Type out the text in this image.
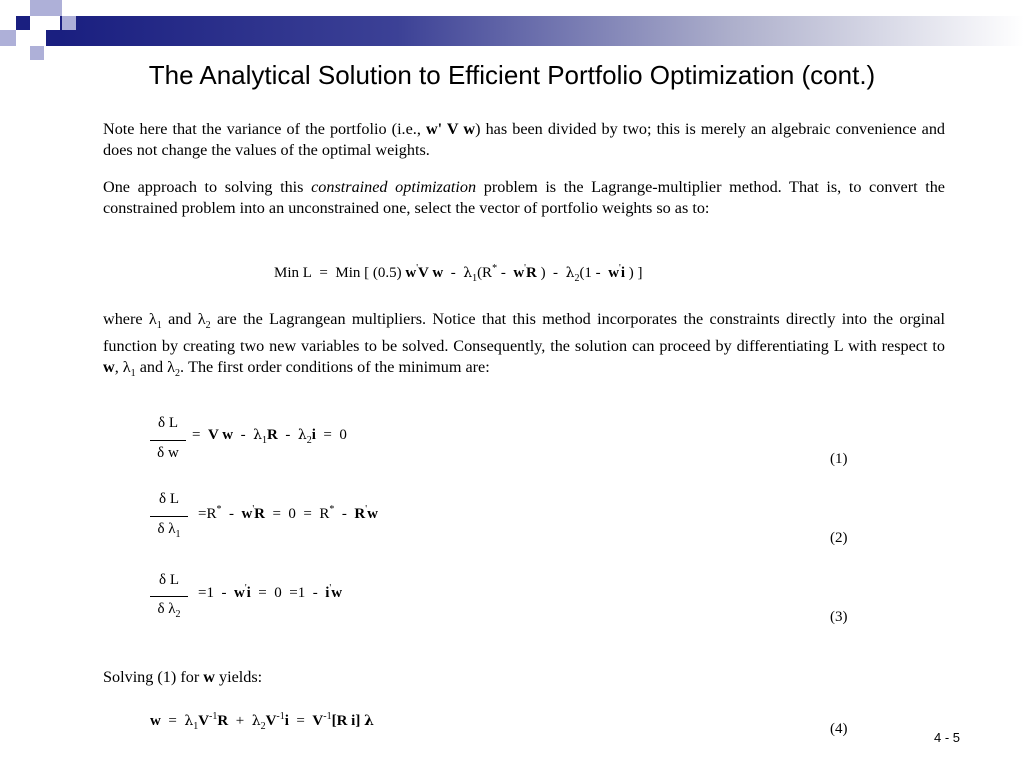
The Analytical Solution to Efficient Portfolio Optimization (cont.)
Note here that the variance of the portfolio (i.e., w' V w) has been divided by two; this is merely an algebraic convenience and does not change the values of the optimal weights.
One approach to solving this constrained optimization problem is the Lagrange-multiplier method. That is, to convert the constrained problem into an unconstrained one, select the vector of portfolio weights so as to:
Min L  =  Min [ (0.5) w'V w  -  $\lambda_1(R^* - w'R$ )  -  $\lambda_2(1 - w'i$ ) ]
where $\lambda_1$ and $\lambda_2$ are the Lagrangean multipliers. Notice that this method incorporates the constraints directly into the orginal function by creating two new variables to be solved. Consequently, the solution can proceed by differentiating L with respect to w, $\lambda_1$ and $\lambda_2$. The first order conditions of the minimum are:
δ L
δ w
=  V $w - \lambda_1R - \lambda_2i = 0$
(1)
δ L
δ $\lambda_1$
=R*  -  w'R  =  0  =  R*  -  R'w
(2)
δ L
δ $\lambda_2$
=1  -  w'i  =  0  =1  -  i'w
(3)
Solving (1) for w yields:
$w = \lambda_1V^{-1}R + \lambda_2V^{-1}i = V^{-1}[R$ i] λ	(4)
4 - 5
